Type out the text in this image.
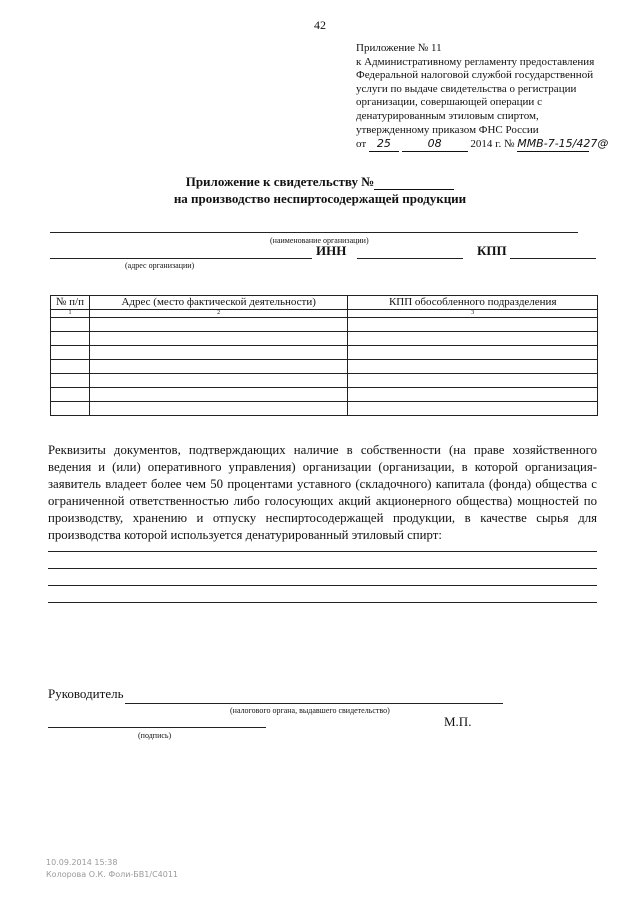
42
Приложение № 11
к Административному регламенту предоставления
Федеральной налоговой службой государственной
услуги по выдаче свидетельства о регистрации
организации, совершающей операции с
денатурированным этиловым спиртом,
утвержденному приказом ФНС России
от 25	08	2014 г. № ММВ-7-15/427@
Приложение к свидетельству №
на производство неспиртосодержащей продукции
(наименование организации)
ИНН	КПП
(адрес организации)
№ п/п	Адрес (место фактической деятельности)	КПП обособленного подразделения
1	2	3

Реквизиты документов, подтверждающих наличие в собственности (на праве хозяйственного ведения и (или) оперативного управления) организации (организации, в которой организация-заявитель владеет более чем 50 процентами уставного (складочного) капитала (фонда) общества с ограниченной ответственностью либо голосующих акций акционерного общества) мощностей по производству, хранению и отпуску неспиртосодержащей продукции, в качестве сырья для производства которой используется денатурированный этиловый спирт:
Руководитель
(налогового органа, выдавшего свидетельство)
М.П.
(подпись)
10.09.2014 15:38
Колорова О.К. Фоли-БВ1/С4011
